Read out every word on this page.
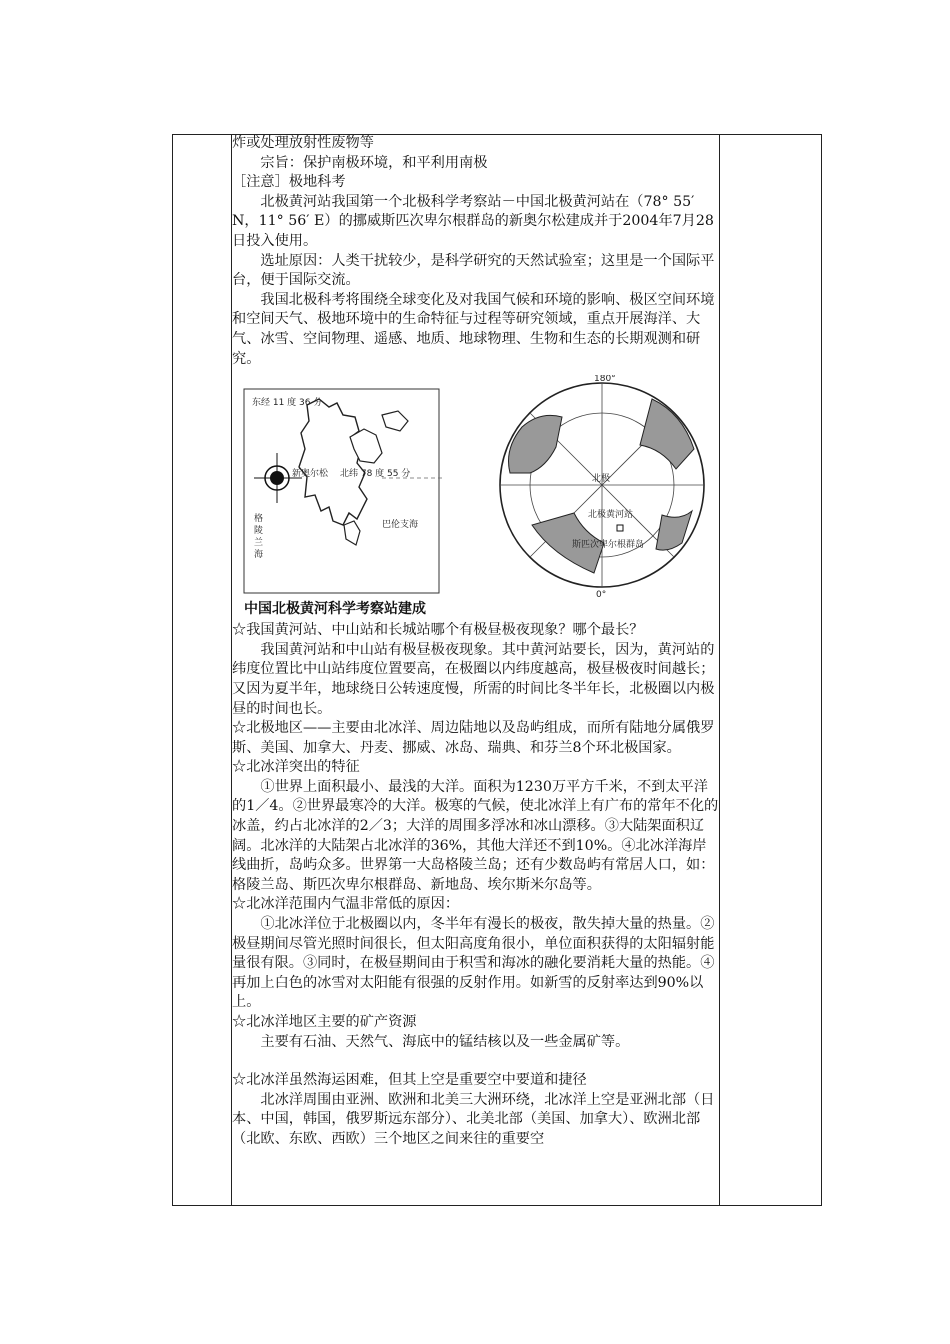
炸或处理放射性废物等

宗旨：保护南极环境，和平利用南极

［注意］极地科考

北极黄河站我国第一个北极科学考察站－中国北极黄河站在（78° 55′ N，11° 56′ E）的挪威斯匹次卑尔根群岛的新奥尔松建成并于2004年7月28日投入使用。

选址原因：人类干扰较少，是科学研究的天然试验室；这里是一个国际平台，便于国际交流。

我国北极科考将围绕全球变化及对我国气候和环境的影响、极区空间环境和空间天气、极地环境中的生命特征与过程等研究领域，重点开展海洋、大气、冰雪、空间物理、遥感、地质、地球物理、生物和生态的长期观测和研究。

东经 11 度 36 分
新奥尔松 北纬 78 度 55 分
巴伦支海
格陵兰海
180°
0°
北极
北极黄河站
斯匹次卑尔根群岛
中国北极黄河科学考察站建成

☆我国黄河站、中山站和长城站哪个有极昼极夜现象？哪个最长？

我国黄河站和中山站有极昼极夜现象。其中黄河站要长，因为，黄河站的纬度位置比中山站纬度位置要高，在极圈以内纬度越高，极昼极夜时间越长；又因为夏半年，地球绕日公转速度慢，所需的时间比冬半年长，北极圈以内极昼的时间也长。

☆北极地区——主要由北冰洋、周边陆地以及岛屿组成，而所有陆地分属俄罗斯、美国、加拿大、丹麦、挪威、冰岛、瑞典、和芬兰8个环北极国家。

☆北冰洋突出的特征

①世界上面积最小、最浅的大洋。面积为1230万平方千米，不到太平洋的1／4。②世界最寒冷的大洋。极寒的气候，使北冰洋上有广布的常年不化的冰盖，约占北冰洋的2／3；大洋的周围多浮冰和冰山漂移。③大陆架面积辽阔。北冰洋的大陆架占北冰洋的36%，其他大洋还不到10%。④北冰洋海岸线曲折，岛屿众多。世界第一大岛格陵兰岛；还有少数岛屿有常居人口，如：格陵兰岛、斯匹次卑尔根群岛、新地岛、埃尔斯米尔岛等。

☆北冰洋范围内气温非常低的原因：

①北冰洋位于北极圈以内，冬半年有漫长的极夜，散失掉大量的热量。②极昼期间尽管光照时间很长，但太阳高度角很小，单位面积获得的太阳辐射能量很有限。③同时，在极昼期间由于积雪和海冰的融化要消耗大量的热能。④再加上白色的冰雪对太阳能有很强的反射作用。如新雪的反射率达到90%以上。

☆北冰洋地区主要的矿产资源

主要有石油、天然气、海底中的锰结核以及一些金属矿等。

☆北冰洋虽然海运困难，但其上空是重要空中要道和捷径

北冰洋周围由亚洲、欧洲和北美三大洲环绕，北冰洋上空是亚洲北部（日本、中国，韩国，俄罗斯远东部分）、北美北部（美国、加拿大）、欧洲北部（北欧、东欧、西欧）三个地区之间来往的重要空
